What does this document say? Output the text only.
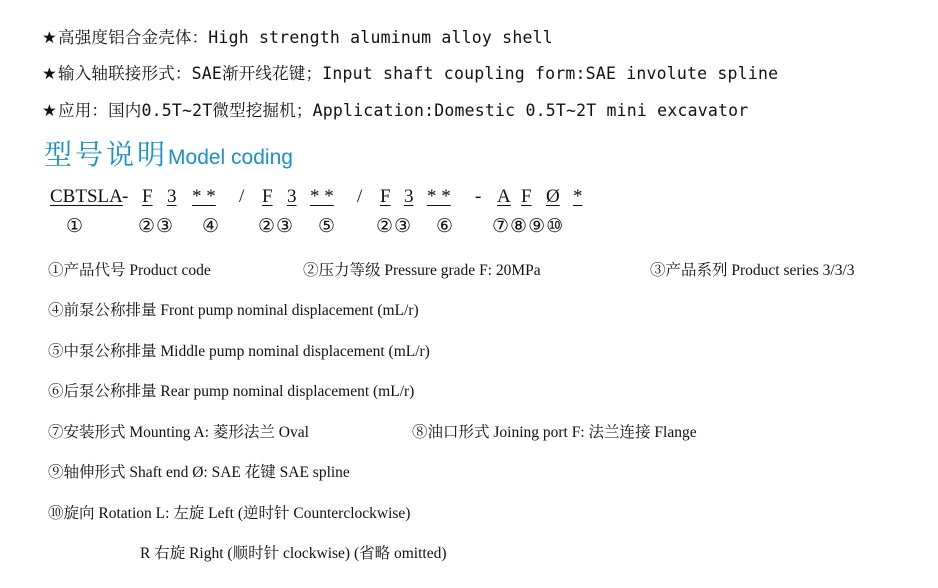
★高强度铝合金壳体：High strength aluminum alloy shell
★输入轴联接形式：SAE渐开线花键；Input shaft coupling form:SAE involute spline
★应用：国内0.5T~2T微型挖掘机；Application:Domestic 0.5T~2T mini excavator
型号说明Model coding
CBTSLA - F 3 * * / F 3 * * / F 3 * * - A F Ø *
①	②③ ④ ②③ ⑤ ②③ ⑥ ⑦⑧⑨⑩
①产品代号 Product code	②压力等级 Pressure grade F: 20MPa	③产品系列 Product series 3/3/3
④前泵公称排量 Front pump nominal displacement (mL/r)
⑤中泵公称排量 Middle pump nominal displacement (mL/r)
⑥后泵公称排量 Rear pump nominal displacement (mL/r)
⑦安装形式 Mounting A: 菱形法兰 Oval	⑧油口形式 Joining port F: 法兰连接 Flange
⑨轴伸形式 Shaft end Ø: SAE 花键 SAE spline
⑩旋向 Rotation L: 左旋 Left (逆时针 Counterclockwise)
R 右旋 Right (顺时针 clockwise) (省略 omitted)
